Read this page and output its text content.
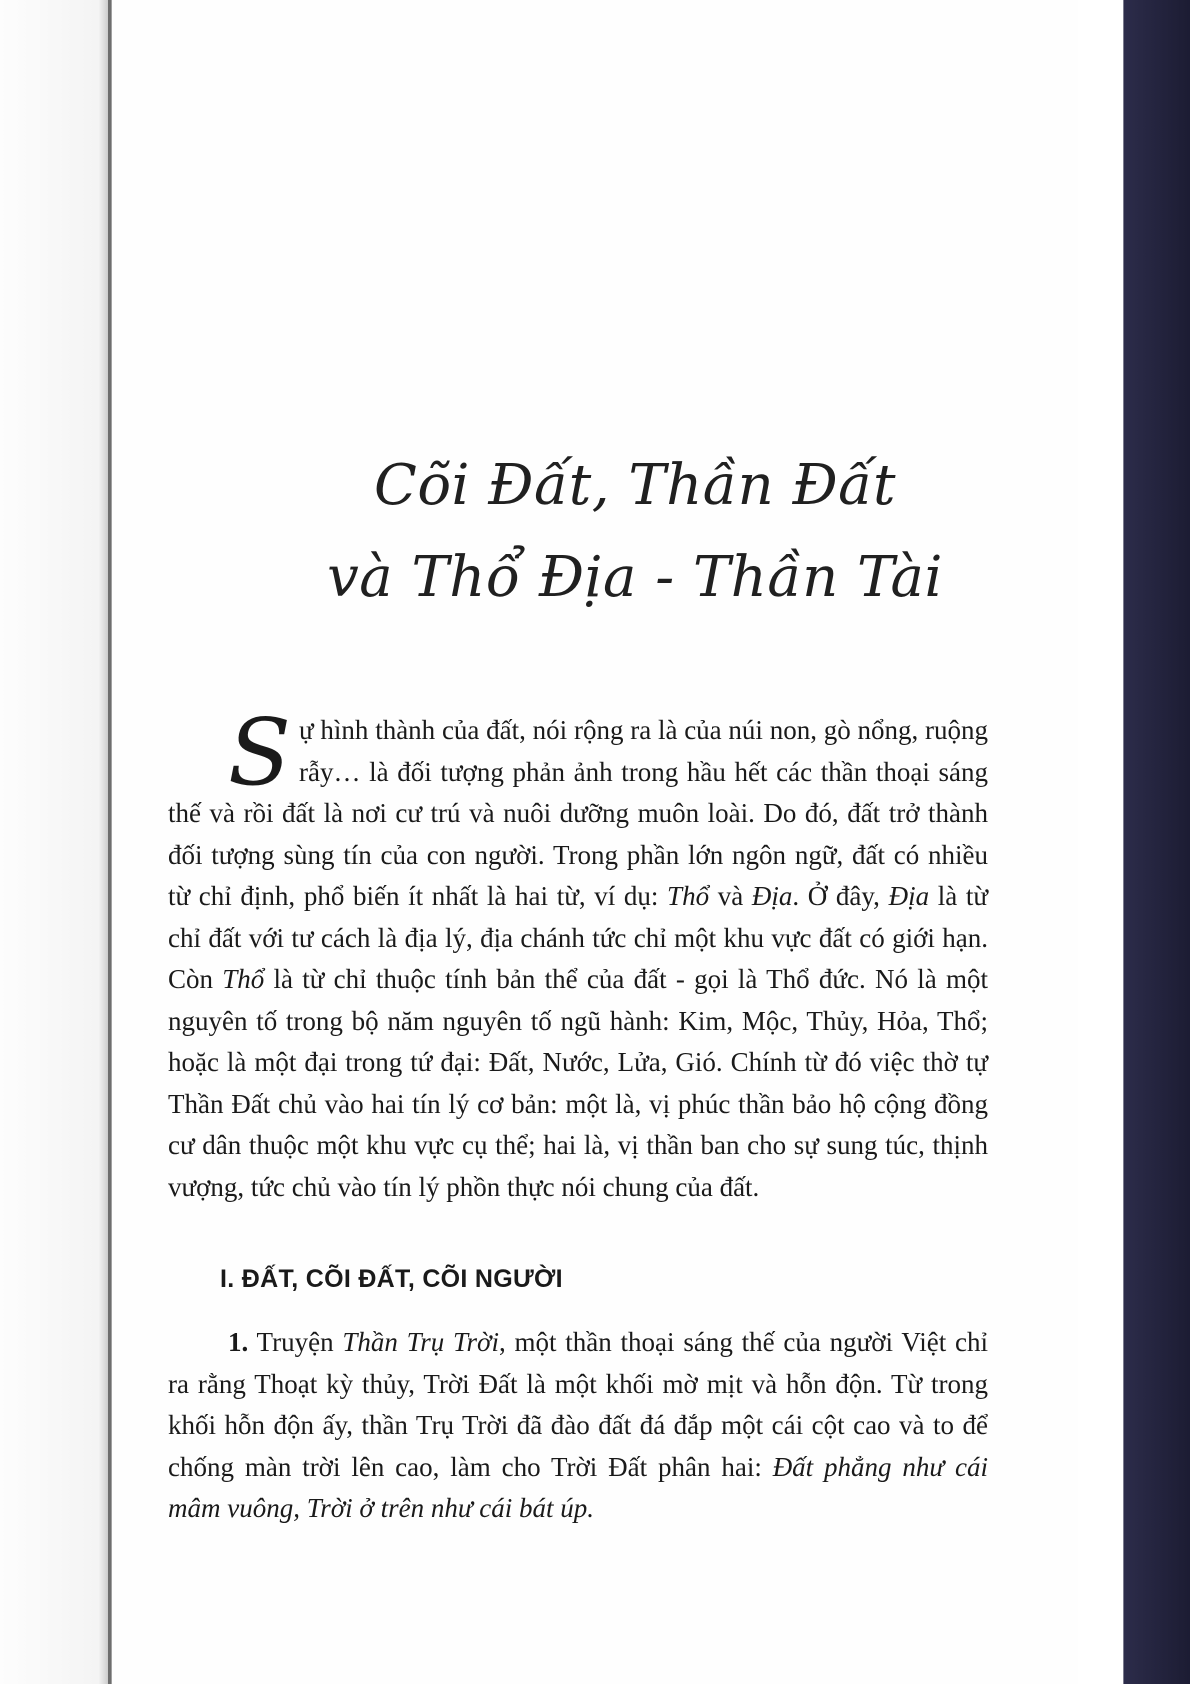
Cõi Đất, Thần Đất
và Thổ Địa - Thần Tài

Sự hình thành của đất, nói rộng ra là của núi non, gò nổng, ruộng rẫy… là đối tượng phản ảnh trong hầu hết các thần thoại sáng thế và rồi đất là nơi cư trú và nuôi dưỡng muôn loài. Do đó, đất trở thành đối tượng sùng tín của con người. Trong phần lớn ngôn ngữ, đất có nhiều từ chỉ định, phổ biến ít nhất là hai từ, ví dụ: Thổ và Địa. Ở đây, Địa là từ chỉ đất với tư cách là địa lý, địa chánh tức chỉ một khu vực đất có giới hạn. Còn Thổ là từ chỉ thuộc tính bản thể của đất - gọi là Thổ đức. Nó là một nguyên tố trong bộ năm nguyên tố ngũ hành: Kim, Mộc, Thủy, Hỏa, Thổ; hoặc là một đại trong tứ đại: Đất, Nước, Lửa, Gió. Chính từ đó việc thờ tự Thần Đất chủ vào hai tín lý cơ bản: một là, vị phúc thần bảo hộ cộng đồng cư dân thuộc một khu vực cụ thể; hai là, vị thần ban cho sự sung túc, thịnh vượng, tức chủ vào tín lý phồn thực nói chung của đất.

I. ĐẤT, CÕI ĐẤT, CÕI NGƯỜI

1. Truyện Thần Trụ Trời, một thần thoại sáng thế của người Việt chỉ ra rằng Thoạt kỳ thủy, Trời Đất là một khối mờ mịt và hỗn độn. Từ trong khối hỗn độn ấy, thần Trụ Trời đã đào đất đá đắp một cái cột cao và to để chống màn trời lên cao, làm cho Trời Đất phân hai: Đất phẳng như cái mâm vuông, Trời ở trên như cái bát úp.
